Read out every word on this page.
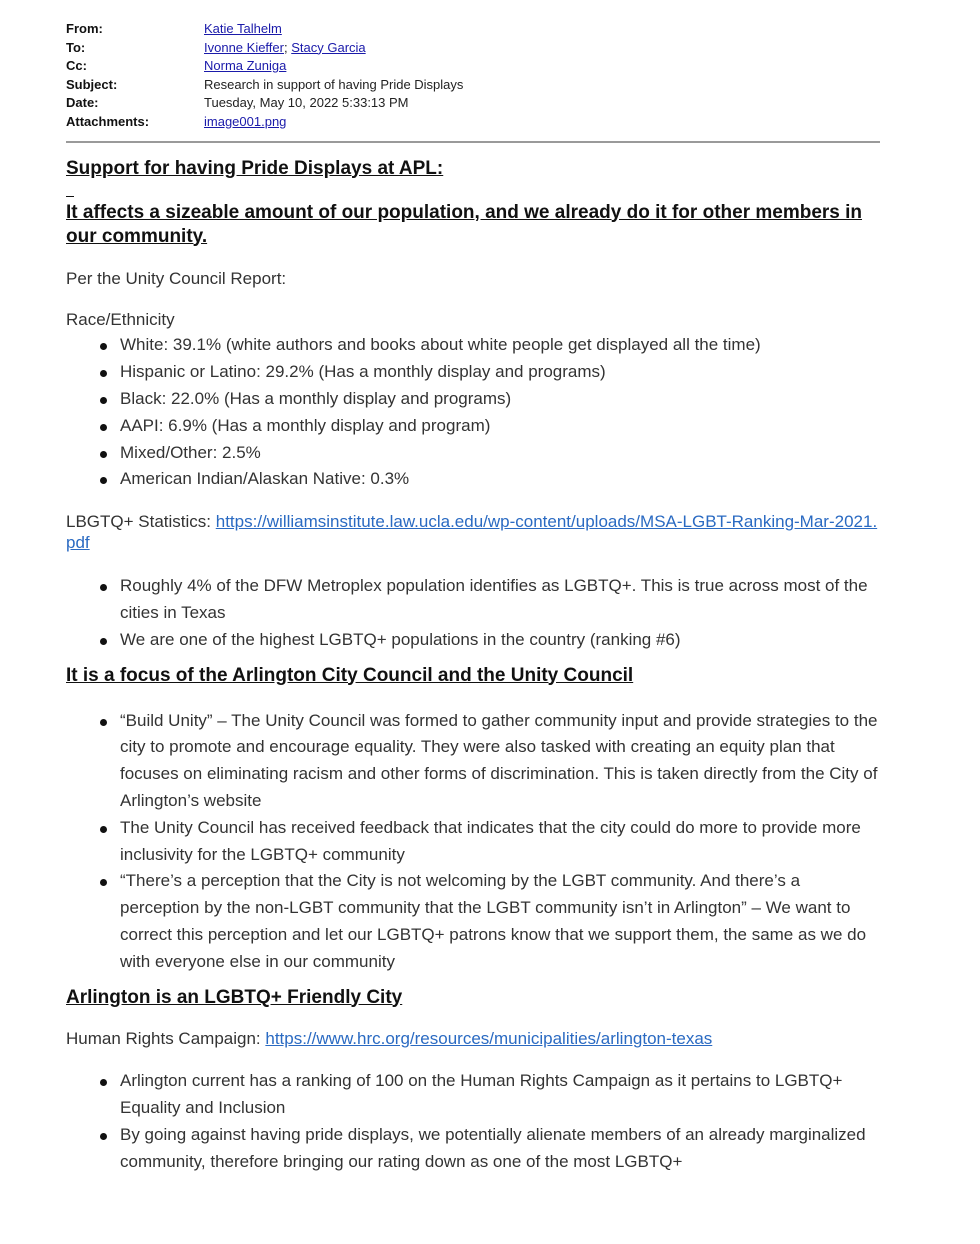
From:	Katie Talhelm
To:	Ivonne Kieffer; Stacy Garcia
Cc:	Norma Zuniga
Subject:	Research in support of having Pride Displays
Date:	Tuesday, May 10, 2022 5:33:13 PM
Attachments:	image001.png
Support for having Pride Displays at APL:
It affects a sizeable amount of our population, and we already do it for other members in our community.

Per the Unity Council Report:

Race/Ethnicity

White: 39.1% (white authors and books about white people get displayed all the time)
Hispanic or Latino: 29.2% (Has a monthly display and programs)
Black: 22.0% (Has a monthly display and programs)
AAPI: 6.9% (Has a monthly display and program)
Mixed/Other: 2.5%
American Indian/Alaskan Native: 0.3%

LBGTQ+ Statistics: https://williamsinstitute.law.ucla.edu/wp-content/uploads/MSA-LGBT-Ranking-Mar-2021.pdf

Roughly 4% of the DFW Metroplex population identifies as LGBTQ+. This is true across most of the cities in Texas
We are one of the highest LGBTQ+ populations in the country (ranking #6)
It is a focus of the Arlington City Council and the Unity Council
“Build Unity” – The Unity Council was formed to gather community input and provide strategies to the city to promote and encourage equality. They were also tasked with creating an equity plan that focuses on eliminating racism and other forms of discrimination. This is taken directly from the City of Arlington’s website
The Unity Council has received feedback that indicates that the city could do more to provide more inclusivity for the LGBTQ+ community
“There’s a perception that the City is not welcoming by the LGBT community. And there’s a perception by the non-LGBT community that the LGBT community isn’t in Arlington” – We want to correct this perception and let our LGBTQ+ patrons know that we support them, the same as we do with everyone else in our community
Arlington is an LGBTQ+ Friendly City

Human Rights Campaign: https://www.hrc.org/resources/municipalities/arlington-texas

Arlington current has a ranking of 100 on the Human Rights Campaign as it pertains to LGBTQ+ Equality and Inclusion
By going against having pride displays, we potentially alienate members of an already marginalized community, therefore bringing our rating down as one of the most LGBTQ+
